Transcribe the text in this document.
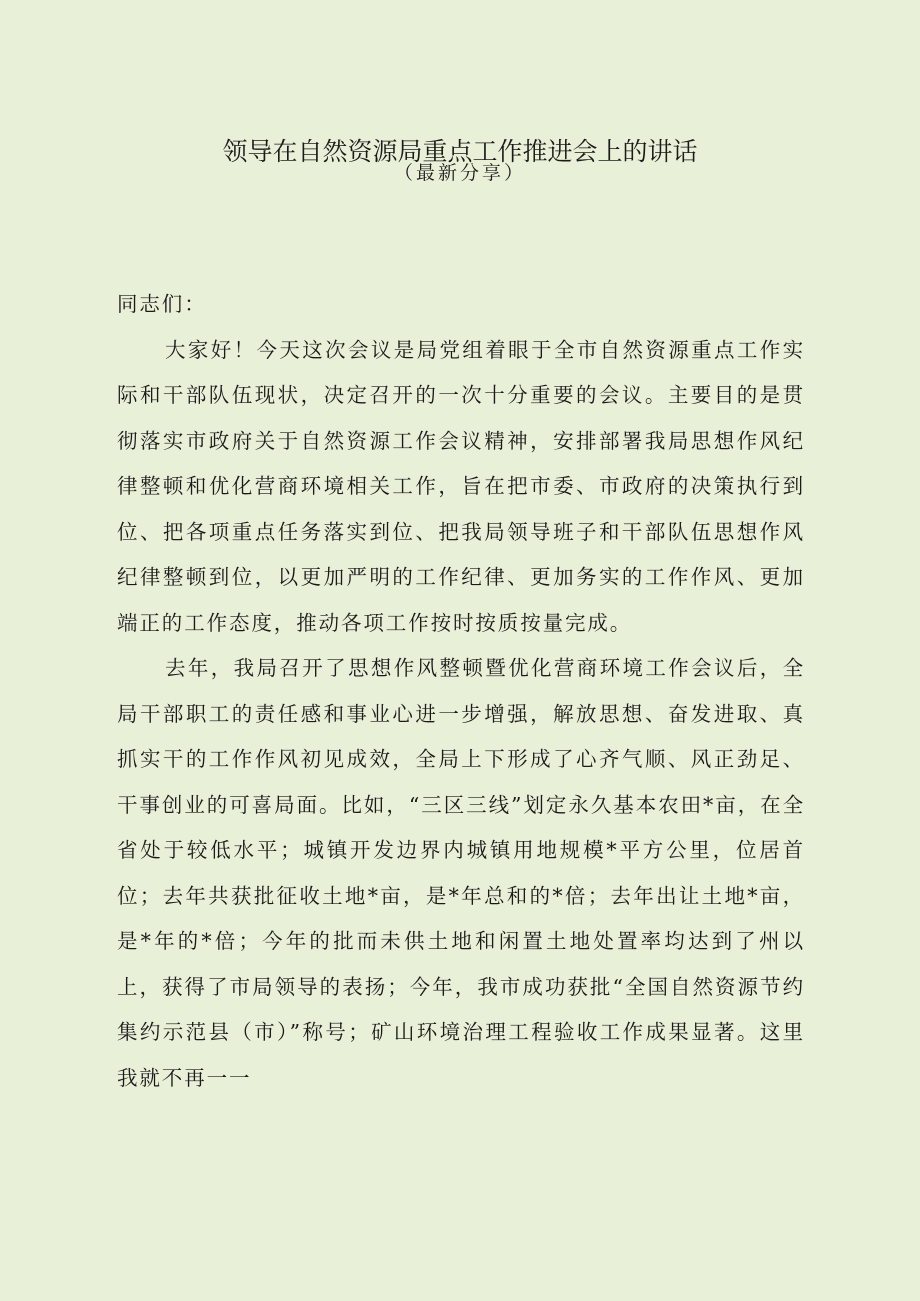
领导在自然资源局重点工作推进会上的讲话
（最新分享）

同志们：

大家好！今天这次会议是局党组着眼于全市自然资源重点工作实际和干部队伍现状，决定召开的一次十分重要的会议。主要目的是贯彻落实市政府关于自然资源工作会议精神，安排部署我局思想作风纪律整顿和优化营商环境相关工作，旨在把市委、市政府的决策执行到位、把各项重点任务落实到位、把我局领导班子和干部队伍思想作风纪律整顿到位，以更加严明的工作纪律、更加务实的工作作风、更加端正的工作态度，推动各项工作按时按质按量完成。

去年，我局召开了思想作风整顿暨优化营商环境工作会议后，全局干部职工的责任感和事业心进一步增强，解放思想、奋发进取、真抓实干的工作作风初见成效，全局上下形成了心齐气顺、风正劲足、干事创业的可喜局面。比如，“三区三线”划定永久基本农田*亩，在全省处于较低水平；城镇开发边界内城镇用地规模*平方公里，位居首位；去年共获批征收土地*亩，是*年总和的*倍；去年出让土地*亩，是*年的*倍；今年的批而未供土地和闲置土地处置率均达到了州以上，获得了市局领导的表扬；今年，我市成功获批“全国自然资源节约集约示范县（市）”称号；矿山环境治理工程验收工作成果显著。这里我就不再一一
